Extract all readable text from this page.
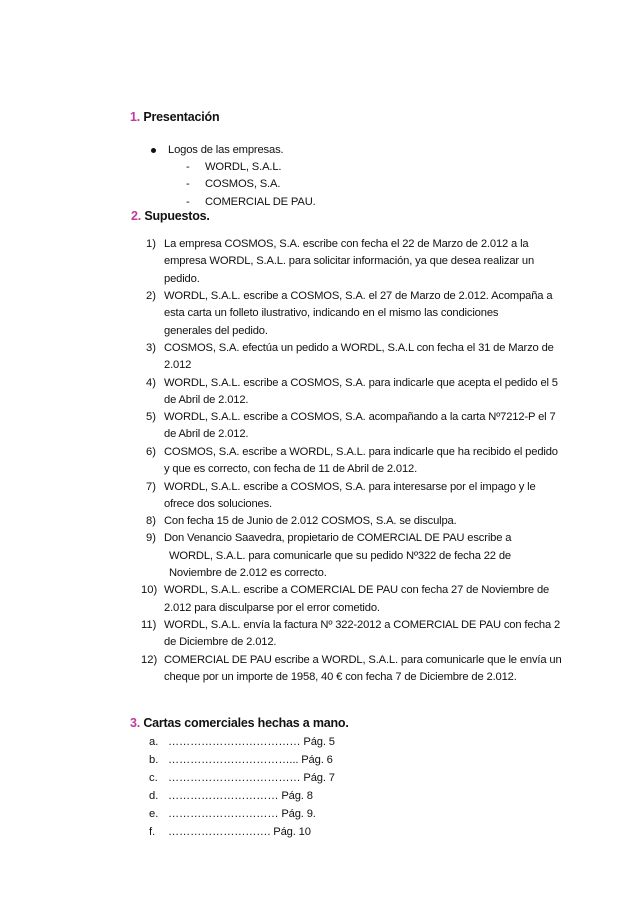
1. Presentación
Logos de las empresas.
- WORDL, S.A.L.
- COSMOS, S.A.
- COMERCIAL DE PAU.
2. Supuestos.
1) La empresa COSMOS, S.A. escribe con fecha el 22 de Marzo de 2.012 a la
empresa WORDL, S.A.L. para solicitar información, ya que desea realizar un
pedido.
2) WORDL, S.A.L. escribe a COSMOS, S.A. el 27 de Marzo de 2.012. Acompaña a
esta carta un folleto ilustrativo, indicando en el mismo las condiciones
generales del pedido.
3) COSMOS, S.A. efectúa un pedido a WORDL, S.A.L con fecha el 31 de Marzo de
2.012
4) WORDL, S.A.L. escribe a COSMOS, S.A. para indicarle que acepta el pedido el 5
de Abril de 2.012.
5) WORDL, S.A.L. escribe a COSMOS, S.A. acompañando a la carta Nº7212-P el 7
de Abril de 2.012.
6) COSMOS, S.A. escribe a WORDL, S.A.L. para indicarle que ha recibido el pedido
y que es correcto, con fecha de 11 de Abril de 2.012.
7) WORDL, S.A.L. escribe a COSMOS, S.A. para interesarse por el impago y le
ofrece dos soluciones.
8) Con fecha 15 de Junio de 2.012 COSMOS, S.A. se disculpa.
9) Don Venancio Saavedra, propietario de COMERCIAL DE PAU escribe a
WORDL, S.A.L. para comunicarle que su pedido Nº322 de fecha 22 de
Noviembre de 2.012 es correcto.
10) WORDL, S.A.L. escribe a COMERCIAL DE PAU con fecha 27 de Noviembre de
2.012 para disculparse por el error cometido.
11) WORDL, S.A.L. envía la factura Nº 322-2012 a COMERCIAL DE PAU con fecha 2
de Diciembre de 2.012.
12) COMERCIAL DE PAU escribe a WORDL, S.A.L. para comunicarle que le envía un
cheque por un importe de 1958, 40 € con fecha 7 de Diciembre de 2.012.
3. Cartas comerciales hechas a mano.
a. ……………………………… Pág. 5
b. ……………………………... Pág. 6
c. ……………………………… Pág. 7
d. ………………………… Pág. 8
e. ………………………… Pág. 9.
f. ………………………. Pág. 10
